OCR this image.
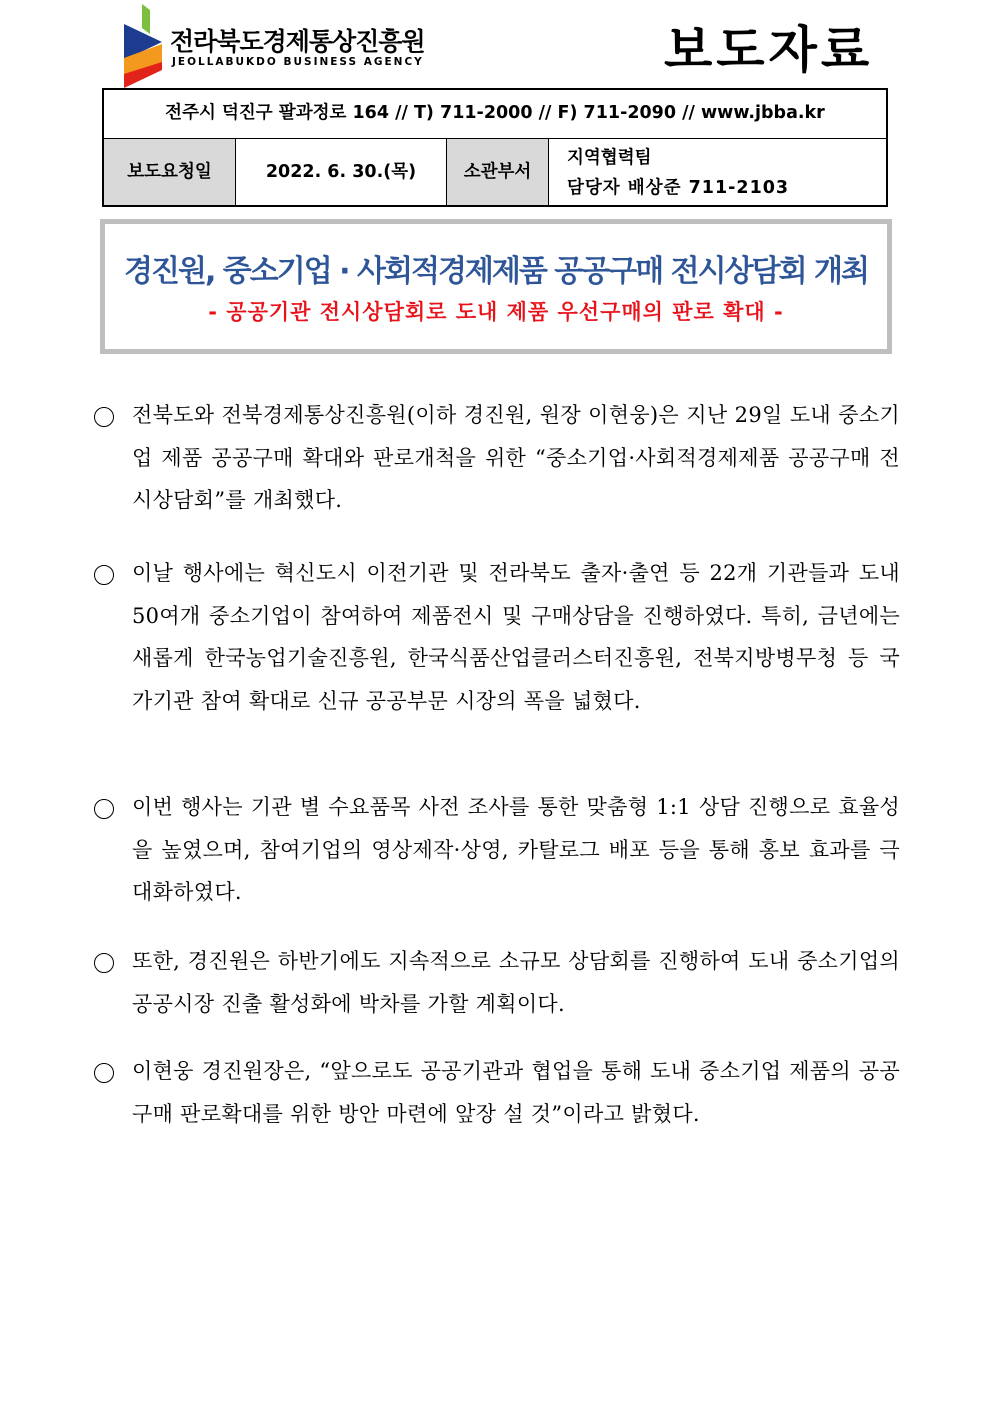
전라북도경제통상진흥원
JEOLLABUKDO BUSINESS AGENCY	보도자료
전주시 덕진구 팔과정로 164 // T) 711-2000 // F) 711-2090 // www.jbba.kr
보도요청일	2022. 6. 30.(목)	소관부서
지역협력팀
담당자 배상준 711-2103
경진원, 중소기업 · 사회적경제제품 공공구매 전시상담회 개최
- 공공기관 전시상담회로 도내 제품 우선구매의 판로 확대 -
전북도와 전북경제통상진흥원(이하 경진원, 원장 이현웅)은 지난 29일 도내 중소기업 제품 공공구매 확대와 판로개척을 위한 “중소기업·사회적경제제품 공공구매 전시상담회”를 개최했다.
이날 행사에는 혁신도시 이전기관 및 전라북도 출자·출연 등 22개 기관들과 도내 50여개 중소기업이 참여하여 제품전시 및 구매상담을 진행하였다. 특히, 금년에는 새롭게 한국농업기술진흥원, 한국식품산업클러스터진흥원, 전북지방병무청 등 국가기관 참여 확대로 신규 공공부문 시장의 폭을 넓혔다.
이번 행사는 기관 별 수요품목 사전 조사를 통한 맞춤형 1:1 상담 진행으로 효율성을 높였으며, 참여기업의 영상제작·상영, 카탈로그 배포 등을 통해 홍보 효과를 극대화하였다.
또한, 경진원은 하반기에도 지속적으로 소규모 상담회를 진행하여 도내 중소기업의 공공시장 진출 활성화에 박차를 가할 계획이다.
이현웅 경진원장은, “앞으로도 공공기관과 협업을 통해 도내 중소기업 제품의 공공구매 판로확대를 위한 방안 마련에 앞장 설 것”이라고 밝혔다.
